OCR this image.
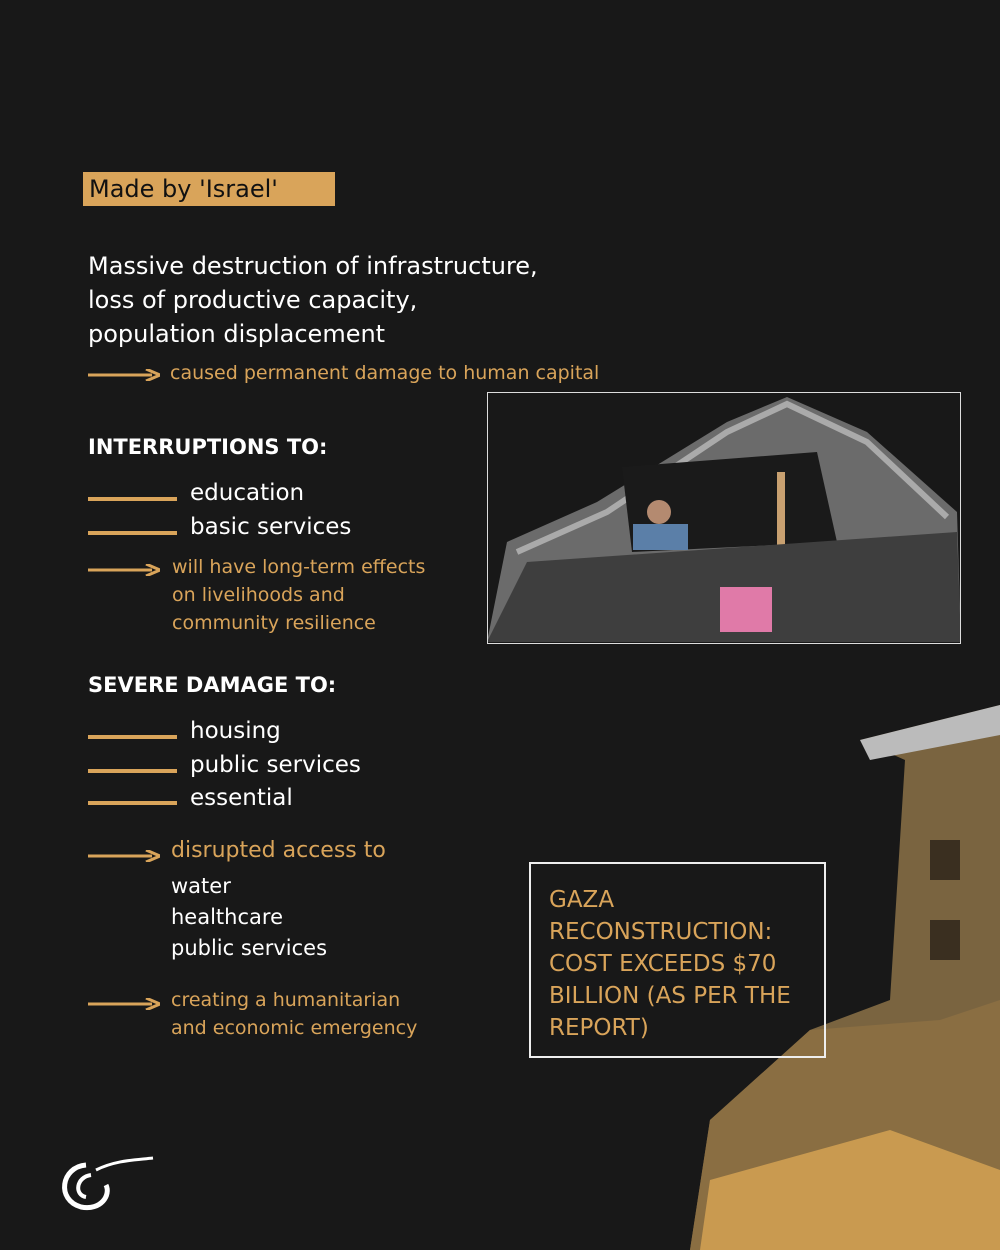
Made by 'Israel'
Massive destruction of infrastructure,
loss of productive capacity,
population displacement
caused permanent damage to human capital
INTERRUPTIONS TO:
education
basic services
will have long-term effects
on livelihoods and
community resilience
SEVERE DAMAGE TO:
housing
public services
essential
disrupted access to
water
healthcare
public services
creating a humanitarian
and economic emergency
GAZA RECONSTRUCTION: COST EXCEEDS $70 BILLION (AS PER THE REPORT)
